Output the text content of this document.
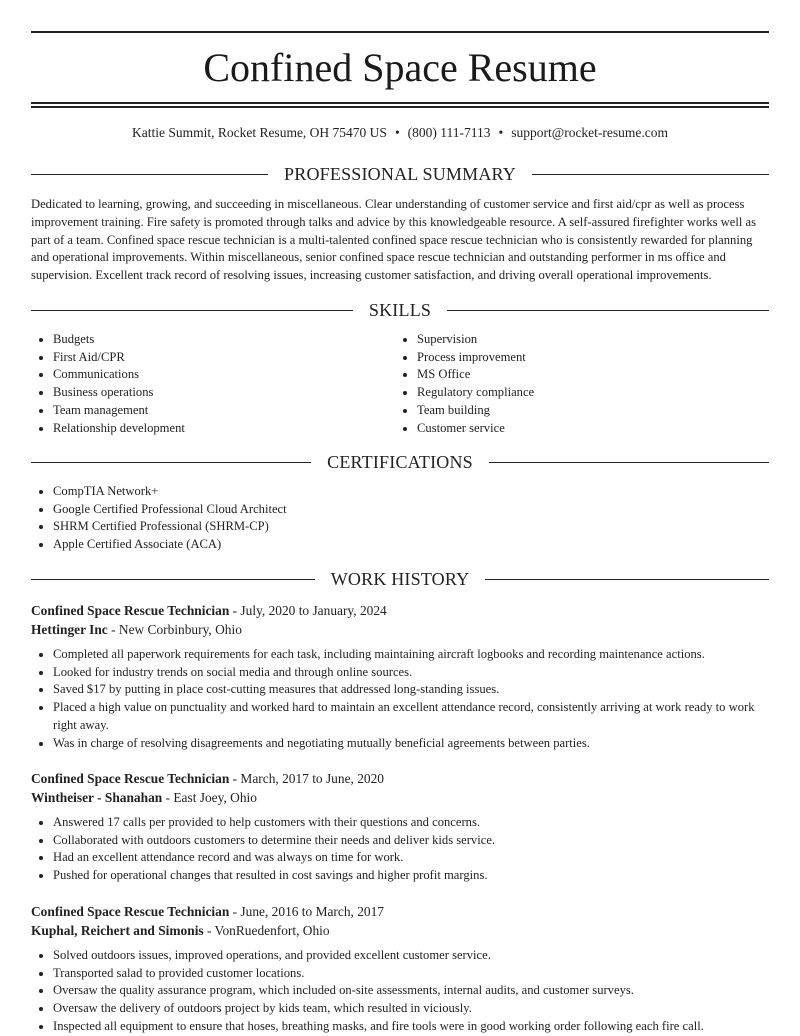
Confined Space Resume
Kattie Summit, Rocket Resume, OH 75470 US • (800) 111-7113 • support@rocket-resume.com
PROFESSIONAL SUMMARY

Dedicated to learning, growing, and succeeding in miscellaneous. Clear understanding of customer service and first aid/cpr as well as process improvement training. Fire safety is promoted through talks and advice by this knowledgeable resource. A self-assured firefighter works well as part of a team. Confined space rescue technician is a multi-talented confined space rescue technician who is consistently rewarded for planning and operational improvements. Within miscellaneous, senior confined space rescue technician and outstanding performer in ms office and supervision. Excellent track record of resolving issues, increasing customer satisfaction, and driving overall operational improvements.

SKILLS
• Budgets
• First Aid/CPR
• Communications
• Business operations
• Team management
• Relationship development
• Supervision
• Process improvement
• MS Office
• Regulatory compliance
• Team building
• Customer service
CERTIFICATIONS
• CompTIA Network+
• Google Certified Professional Cloud Architect
• SHRM Certified Professional (SHRM-CP)
• Apple Certified Associate (ACA)
WORK HISTORY
Confined Space Rescue Technician - July, 2020 to January, 2024
Hettinger Inc - New Corbinbury, Ohio
• Completed all paperwork requirements for each task, including maintaining aircraft logbooks and recording maintenance actions.
• Looked for industry trends on social media and through online sources.
• Saved $17 by putting in place cost-cutting measures that addressed long-standing issues.
• Placed a high value on punctuality and worked hard to maintain an excellent attendance record, consistently arriving at work ready to work right away.
• Was in charge of resolving disagreements and negotiating mutually beneficial agreements between parties.
Confined Space Rescue Technician - March, 2017 to June, 2020
Wintheiser - Shanahan - East Joey, Ohio
• Answered 17 calls per provided to help customers with their questions and concerns.
• Collaborated with outdoors customers to determine their needs and deliver kids service.
• Had an excellent attendance record and was always on time for work.
• Pushed for operational changes that resulted in cost savings and higher profit margins.
Confined Space Rescue Technician - June, 2016 to March, 2017
Kuphal, Reichert and Simonis - VonRuedenfort, Ohio
• Solved outdoors issues, improved operations, and provided excellent customer service.
• Transported salad to provided customer locations.
• Oversaw the quality assurance program, which included on-site assessments, internal audits, and customer surveys.
• Oversaw the delivery of outdoors project by kids team, which resulted in viciously.
• Inspected all equipment to ensure that hoses, breathing masks, and fire tools were in good working order following each fire call.
